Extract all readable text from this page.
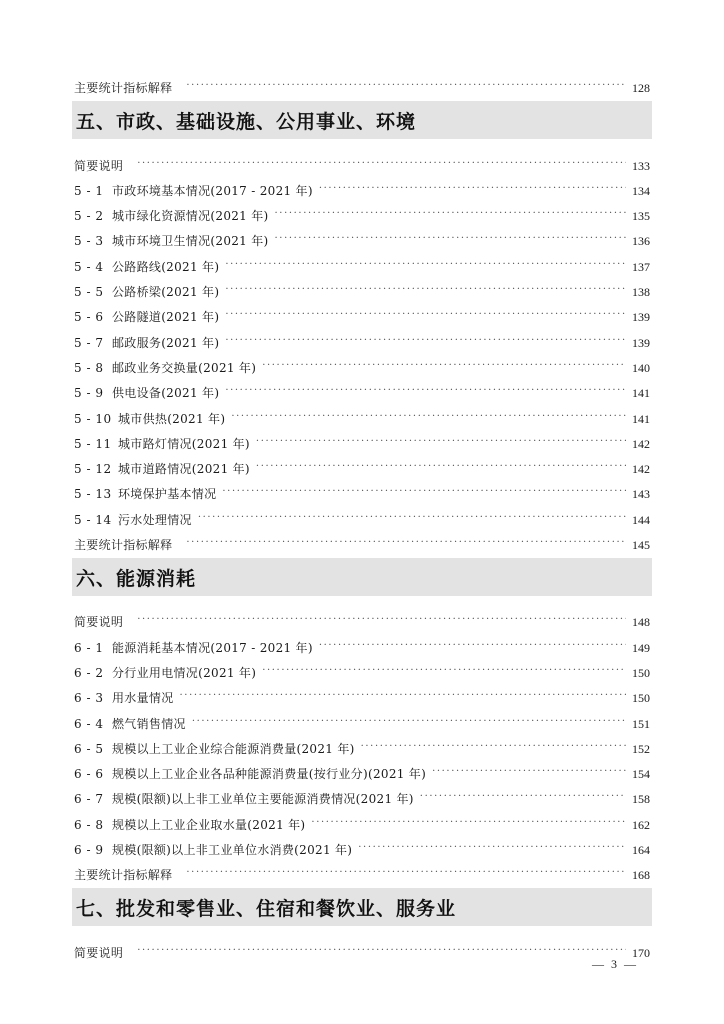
主要统计指标解释 ·····	128
五、市政、基础设施、公用事业、环境
简要说明 ·····	133
5 - 1 市政环境基本情况(2017 - 2021 年) ·····	134
5 - 2 城市绿化资源情况(2021 年) ·····	135
5 - 3 城市环境卫生情况(2021 年) ·····	136
5 - 4 公路路线(2021 年) ·····	137
5 - 5 公路桥梁(2021 年) ·····	138
5 - 6 公路隧道(2021 年) ·····	139
5 - 7 邮政服务(2021 年) ·····	139
5 - 8 邮政业务交换量(2021 年) ·····	140
5 - 9 供电设备(2021 年) ·····	141
5 - 10 城市供热(2021 年) ·····	141
5 - 11 城市路灯情况(2021 年) ·····	142
5 - 12 城市道路情况(2021 年) ·····	142
5 - 13 环境保护基本情况 ·····	143
5 - 14 污水处理情况 ·····	144
主要统计指标解释 ·····	145
六、能源消耗
简要说明 ·····	148
6 - 1 能源消耗基本情况(2017 - 2021 年) ·····	149
6 - 2 分行业用电情况(2021 年) ·····	150
6 - 3 用水量情况 ·····	150
6 - 4 燃气销售情况 ·····	151
6 - 5 规模以上工业企业综合能源消费量(2021 年) ·····	152
6 - 6 规模以上工业企业各品种能源消费量(按行业分)(2021 年) ·····	154
6 - 7 规模(限额)以上非工业单位主要能源消费情况(2021 年) ·····	158
6 - 8 规模以上工业企业取水量(2021 年) ·····	162
6 - 9 规模(限额)以上非工业单位水消费(2021 年) ·····	164
主要统计指标解释 ·····	168
七、批发和零售业、住宿和餐饮业、服务业
简要说明 ·····	170
— 3 —
